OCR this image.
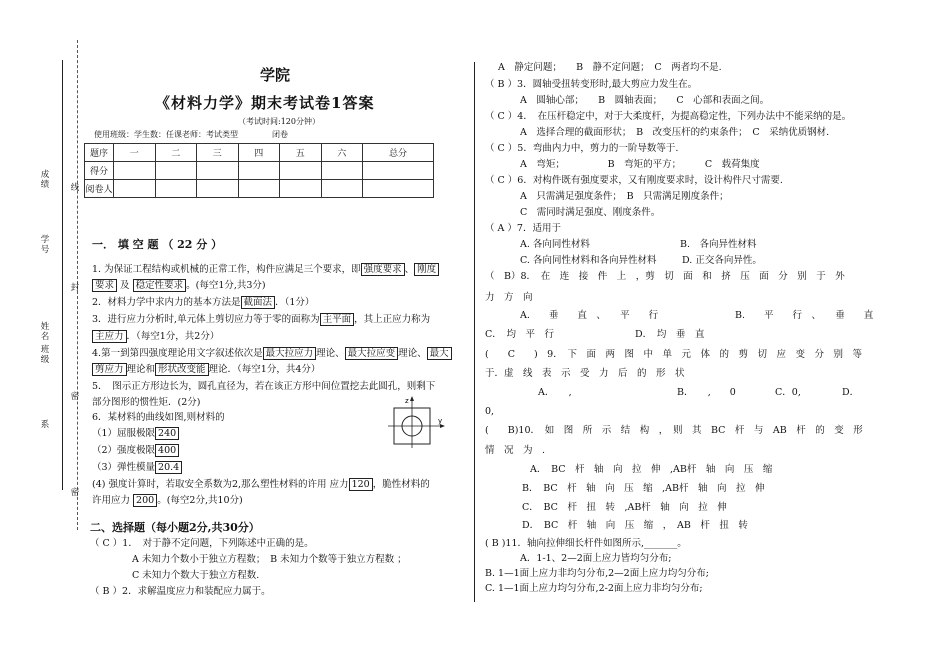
学号
成绩	线
封
姓名
班级
密
系
密
学院
《材料力学》期末考试卷1答案
（考试时间:120分钟）
使用班级：学生数：任课老师：考试类型	闭卷
题序	一	二	三	四	五	六	总分
得分							
阅卷人							
一． 填 空 题 （ 22 分 ）
1. 为保证工程结构或机械的正常工作，构件应满足三个要求，即 强度要求 、 刚度
要求 及 稳定性要求 。(每空1分,共3分)
2．材料力学中求内力的基本方法是 截面法 ．（1分）
3．进行应力分析时,单元体上剪切应力等于零的面称为 主平面 ，其上正应力称为
主应力 ．（每空1分，共2分）
4.第一到第四强度理论用文字叙述依次是 最大拉应力 理论、 最大拉应变 理论、 最大
剪应力 理论和 形状改变能 理论．（每空1分，共4分）
5．　图示正方形边长为，圆孔直径为，若在该正方形中间位置挖去此圆孔，则剩下
部分图形的惯性矩．(2分)
6．某材料的曲线如图,则材料的
（1）屈服极限 240
（2）强度极限 400
（3）弹性模量 20.4
(4) 强度计算时，若取安全系数为2,那么塑性材料的许用 应力 120 ，脆性材料的
许用应力 200 。(每空2分,共10分)
z
y
二、选择题（每小题2分,共30分）
（ C ）1．　对于静不定问题，下列陈述中正确的是。
A 未知力个数小于独立方程数；　B 未知力个数等于独立方程数 ；
C 未知力个数大于独立方程数.
（ B ）2．求解温度应力和装配应力属于。
A　静定问题；　　B　静不定问题；　C　两者均不是.
（ B ）3．圆轴受扭转变形时,最大剪应力发生在。
A　圆轴心部；　　B　圆轴表面；　　C　心部和表面之间。
（ C ）4．　在压杆稳定中，对于大柔度杆，为提高稳定性，下列办法中不能采纳的是。
A　选择合理的截面形状；　B　改变压杆的约束条件；　C　采纳优质钢材.
（ C ）5．弯曲内力中，剪力的一阶导数等于.
A　弯矩；　　　　　B　弯矩的平方；　　　C　载荷集度
（ C ）6．对构件既有强度要求，又有刚度要求时，设计构件尺寸需要.
A　只需满足强度条件；　B　只需满足刚度条件；
C　需同时满足强度、刚度条件。
（ A ）7．适用于
A. 各向同性材料	B.　各向异性材料
C. 各向同性材料和各向异性材料	D. 正交各向异性。
（　B）8．　在　连　接　件　上　，剪　切　面　和　挤　压　面　分　别　于　外
力　方　向
A.　　垂　　直　、　　平　　行	B.　　平　　行　、　　垂　　直
C．　均　平　行	D．　均　垂　直
(　　C　　)　9．　下　面　两　图　中　单　元　体　的　剪　切　应　变　分　别　等
于．虚　线　表　示　受　力　后　的　形　状
A．　　,	B．　　,　　0	C．0,	D．
0,
(　　B)10．　如　图　所　示　结　构　，　则　其　BC　杆　与　AB　杆　的　变　形
情　况　为　.
A．　BC　杆　轴　向　拉　伸　,AB杆　轴　向　压　缩
B．　BC　杆　轴　向　压　缩　,AB杆　轴　向　拉　伸
C．　BC　杆　扭　转　,AB杆　轴　向　拉　伸
D．　BC　杆　轴　向　压　缩　，　AB　杆　扭　转
( B )11．轴向拉伸细长杆件如图所示,_______。
A．1-1、2—2面上应力皆均匀分布;
B. 1—1面上应力非均匀分布,2—2面上应力均匀分布;
C. 1—1面上应力均匀分布,2-2面上应力非均匀分布;
